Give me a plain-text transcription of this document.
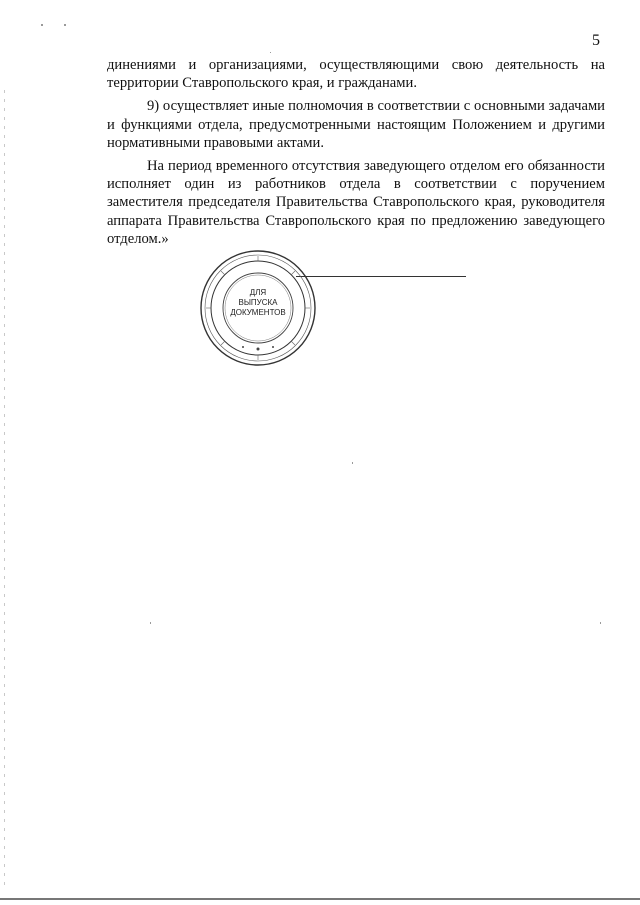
5

динениями и организациями, осуществляющими свою деятельность на территории Ставропольского края, и гражданами.

9) осуществляет иные полномочия в соответствии с основными задачами и функциями отдела, предусмотренными настоящим Положением и другими нормативными правовыми актами.

На период временного отсутствия заведующего отделом его обязанности исполняет один из работников отдела в соответствии с поручением заместителя председателя Правительства Ставропольского края, руководителя аппарата Правительства Ставропольского края по предложению заведующего отделом.»

ДЛЯ
ВЫПУСКА
ДОКУМЕНТОВ
